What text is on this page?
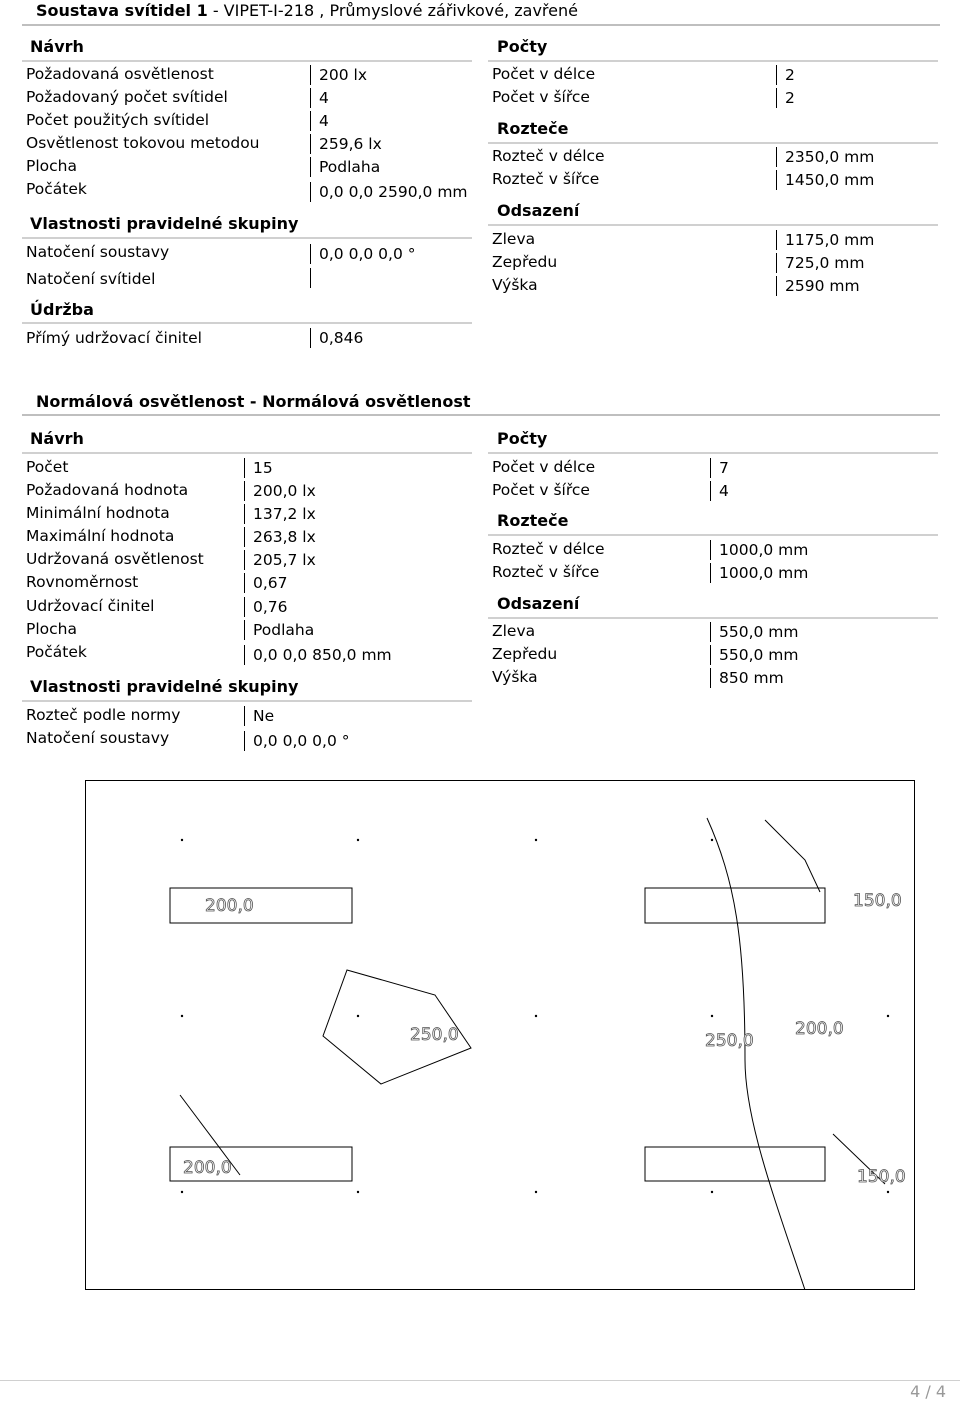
Soustava svítidel 1 - VIPET-I-218 , Průmyslové zářivkové, zavřené
Návrh
Požadovaná osvětlenost	200 lx
Požadovaný počet svítidel	4
Počet použitých svítidel	4
Osvětlenost tokovou metodou	259,6 lx
Plocha	Podlaha
Počátek	0,0 0,0 2590,0 mm
Vlastnosti pravidelné skupiny
Natočení soustavy	0,0 0,0 0,0 °
Natočení svítidel
Údržba
Přímý udržovací činitel	0,846
Počty
Počet v délce	2
Počet v šířce	2
Rozteče
Rozteč v délce	2350,0 mm
Rozteč v šířce	1450,0 mm
Odsazení
Zleva	1175,0 mm
Zepředu	725,0 mm
Výška	2590 mm
Normálová osvětlenost - Normálová osvětlenost
Návrh
Počet	15
Požadovaná hodnota	200,0 lx
Minimální hodnota	137,2 lx
Maximální hodnota	263,8 lx
Udržovaná osvětlenost	205,7 lx
Rovnoměrnost	0,67
Udržovací činitel	0,76
Plocha	Podlaha
Počátek	0,0 0,0 850,0 mm
Vlastnosti pravidelné skupiny
Rozteč podle normy	Ne
Natočení soustavy	0,0 0,0 0,0 °
Počty
Počet v délce	7
Počet v šířce	4
Rozteče
Rozteč v délce	1000,0 mm
Rozteč v šířce	1000,0 mm
Odsazení
Zleva	550,0 mm
Zepředu	550,0 mm
Výška	850 mm
200,0	150,0
250,0	250,0
200,0
200,0	150,0
4 / 4
